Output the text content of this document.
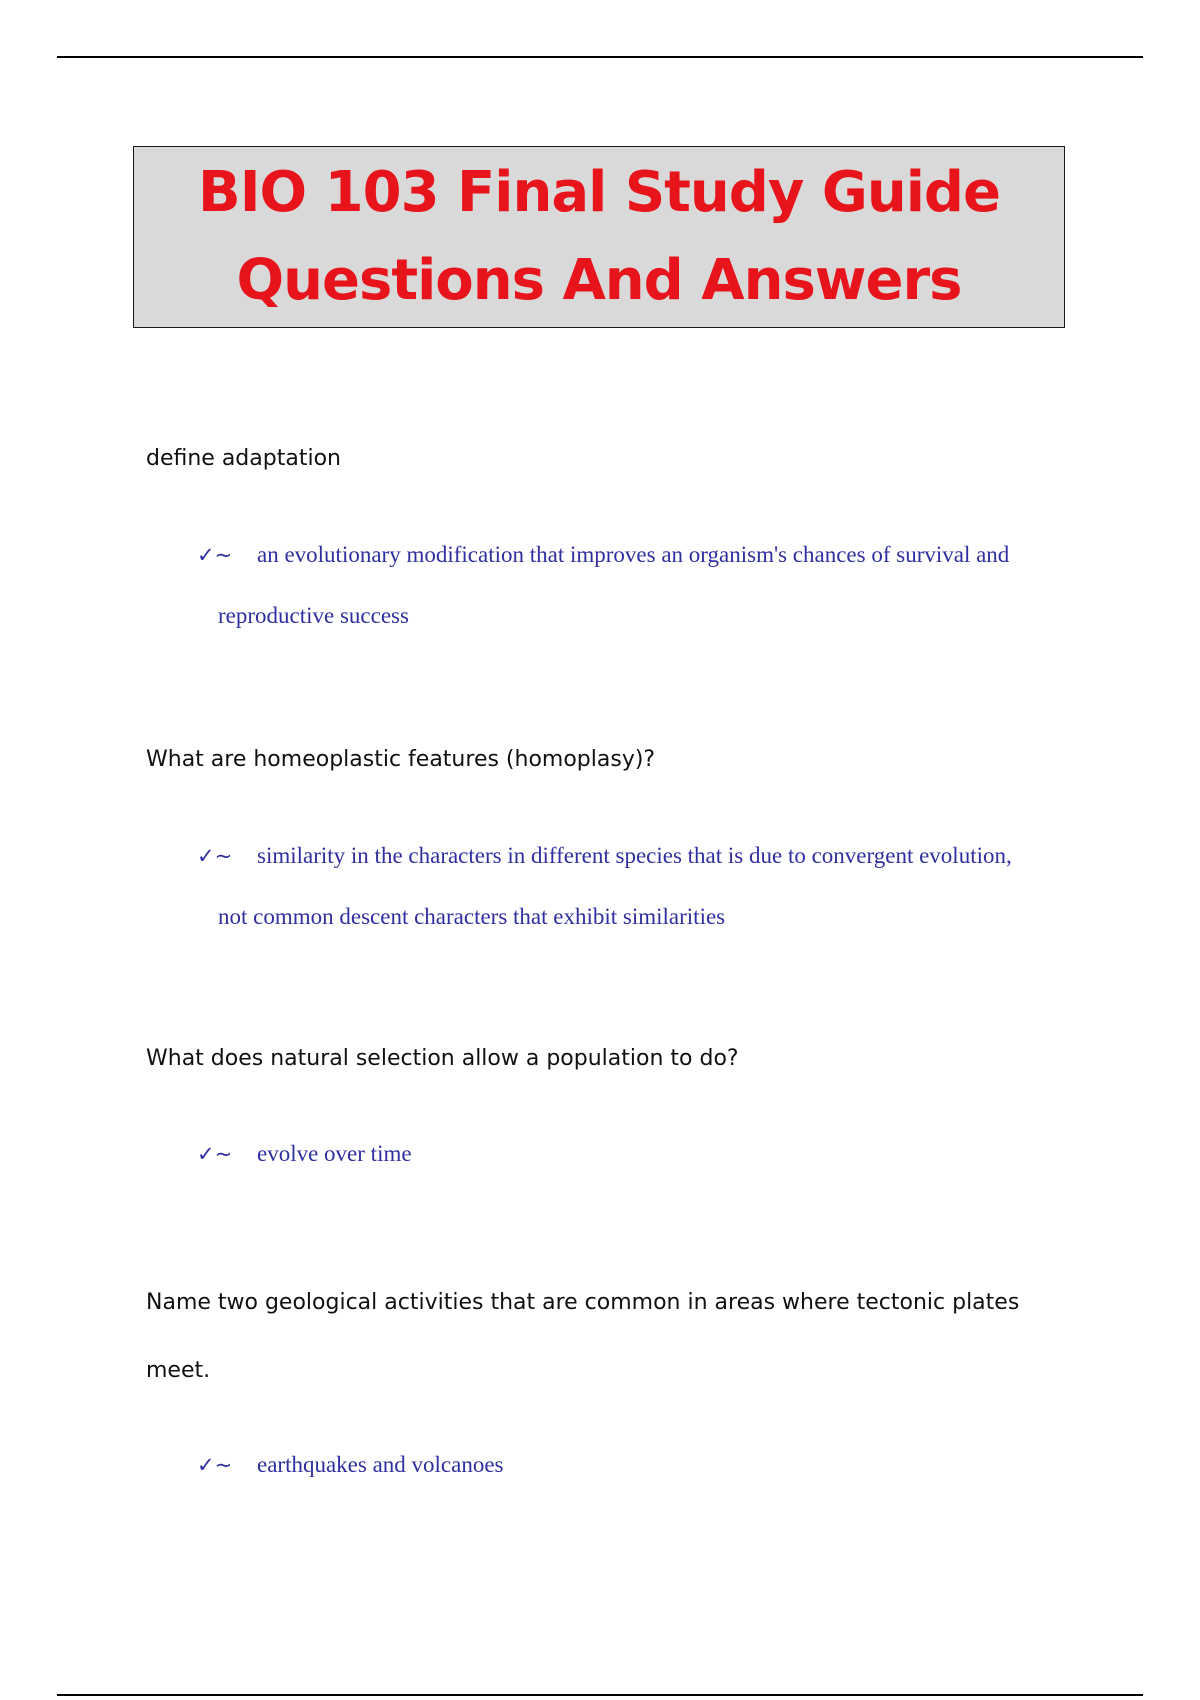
BIO 103 Final Study Guide
Questions And Answers
define adaptation
✓~ an evolutionary modification that improves an organism's chances of survival and
reproductive success
What are homeoplastic features (homoplasy)?
✓~ similarity in the characters in different species that is due to convergent evolution,
not common descent characters that exhibit similarities
What does natural selection allow a population to do?
✓~ evolve over time
Name two geological activities that are common in areas where tectonic plates
meet.
✓~ earthquakes and volcanoes
